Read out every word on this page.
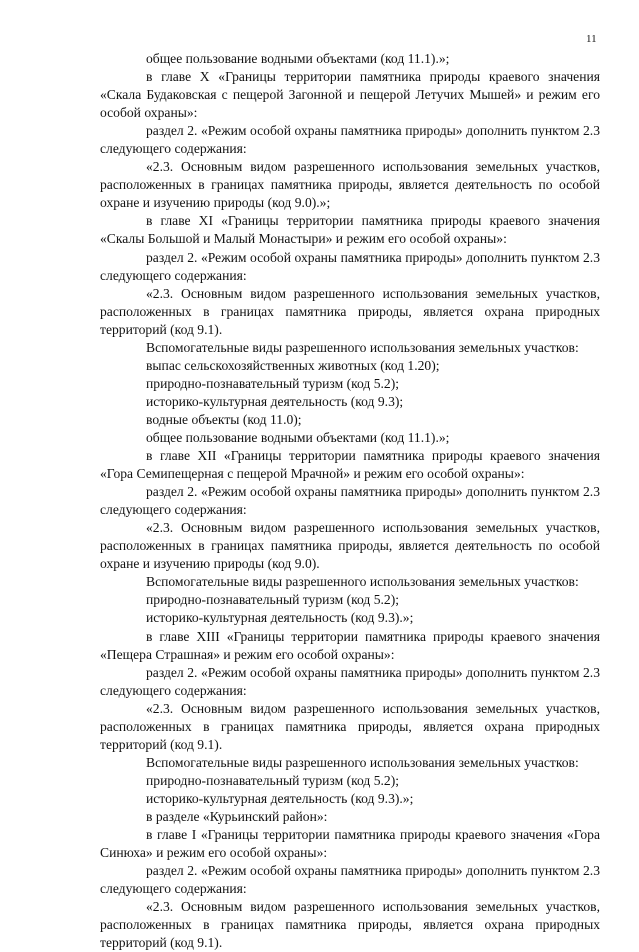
11

общее пользование водными объектами (код 11.1).»;

в главе X «Границы территории памятника природы краевого значения «Скала Будаковская с пещерой Загонной и пещерой Летучих Мышей» и режим его особой охраны»:

раздел 2. «Режим особой охраны памятника природы» дополнить пунктом 2.3 следующего содержания:

«2.3. Основным видом разрешенного использования земельных участков, расположенных в границах памятника природы, является деятельность по особой охране и изучению природы (код 9.0).»;

в главе XI «Границы территории памятника природы краевого значения «Скалы Большой и Малый Монастыри» и режим его особой охраны»:

раздел 2. «Режим особой охраны памятника природы» дополнить пунктом 2.3 следующего содержания:

«2.3. Основным видом разрешенного использования земельных участков, расположенных в границах памятника природы, является охрана природных территорий (код 9.1).

Вспомогательные виды разрешенного использования земельных участков:

выпас сельскохозяйственных животных (код 1.20);

природно-познавательный туризм (код 5.2);

историко-культурная деятельность (код 9.3);

водные объекты (код 11.0);

общее пользование водными объектами (код 11.1).»;

в главе XII «Границы территории памятника природы краевого значения «Гора Семипещерная с пещерой Мрачной» и режим его особой охраны»:

раздел 2. «Режим особой охраны памятника природы» дополнить пунктом 2.3 следующего содержания:

«2.3. Основным видом разрешенного использования земельных участков, расположенных в границах памятника природы, является деятельность по особой охране и изучению природы (код 9.0).

Вспомогательные виды разрешенного использования земельных участков:

природно-познавательный туризм (код 5.2);

историко-культурная деятельность (код 9.3).»;

в главе XIII «Границы территории памятника природы краевого значения «Пещера Страшная» и режим его особой охраны»:

раздел 2. «Режим особой охраны памятника природы» дополнить пунктом 2.3 следующего содержания:

«2.3. Основным видом разрешенного использования земельных участков, расположенных в границах памятника природы, является охрана природных территорий (код 9.1).

Вспомогательные виды разрешенного использования земельных участков:

природно-познавательный туризм (код 5.2);

историко-культурная деятельность (код 9.3).»;

в разделе «Курьинский район»:

в главе I «Границы территории памятника природы краевого значения «Гора Синюха» и режим его особой охраны»:

раздел 2. «Режим особой охраны памятника природы» дополнить пунктом 2.3 следующего содержания:

«2.3. Основным видом разрешенного использования земельных участков, расположенных в границах памятника природы, является охрана природных территорий (код 9.1).
